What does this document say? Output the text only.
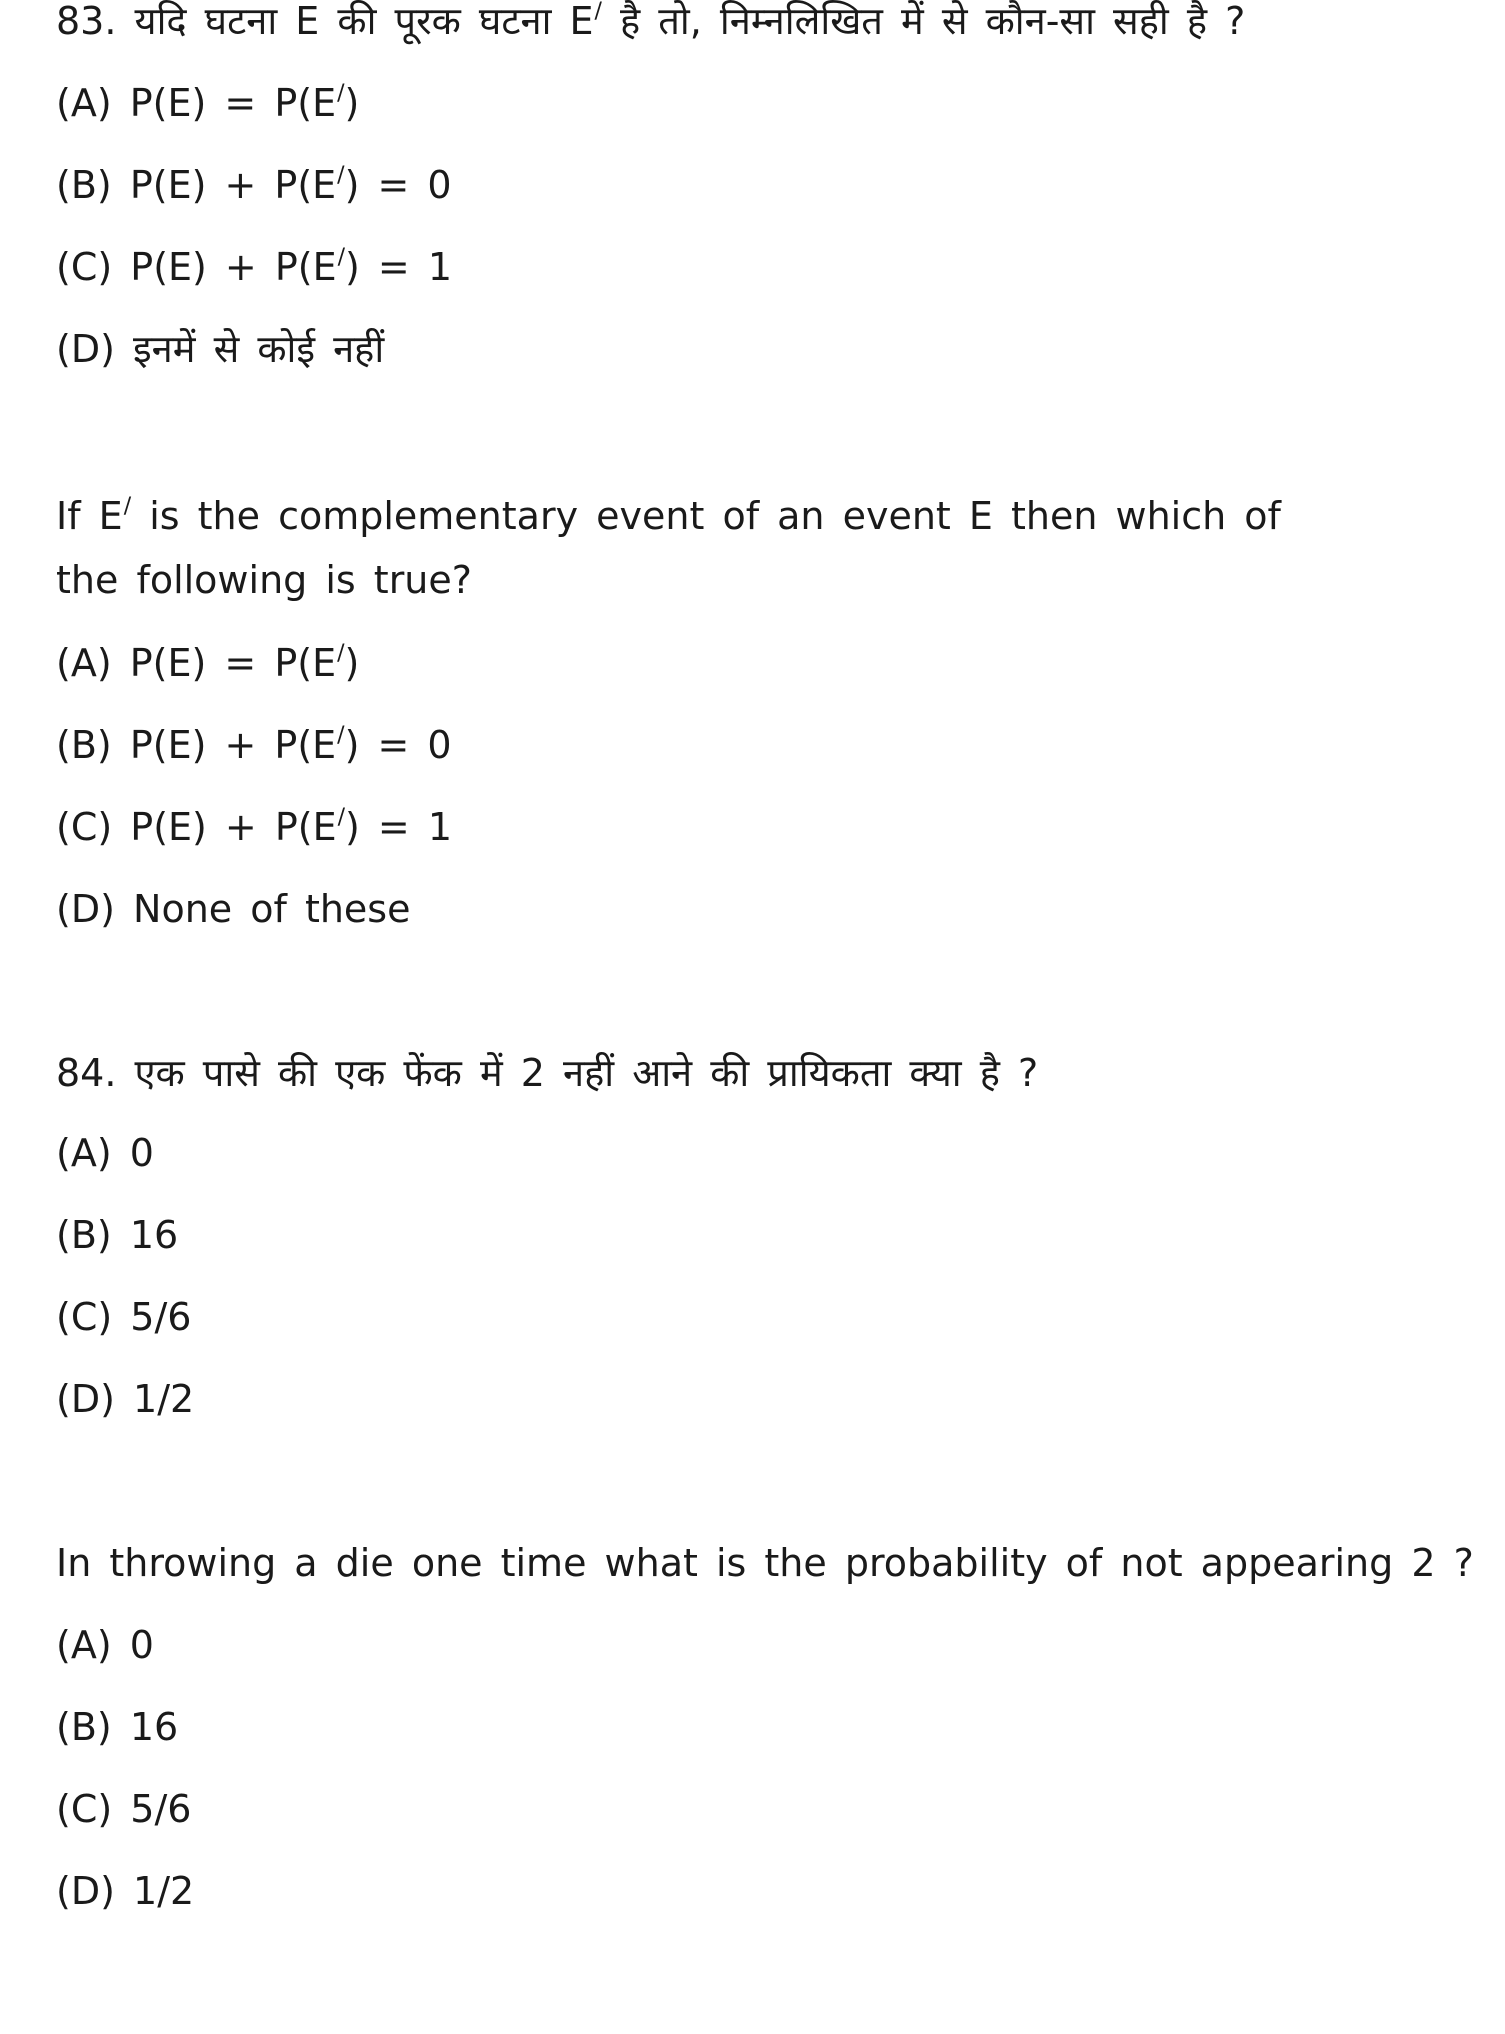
83. यदि घटना E की पूरक घटना E/ है तो, निम्नलिखित में से कौन-सा सही है ?
(A) P(E) = P(E/)
(B) P(E) + P(E/) = 0
(C) P(E) + P(E/) = 1
(D) इनमें से कोई नहीं
If E/ is the complementary event of an event E then which of the following is true?
(A) P(E) = P(E/)
(B) P(E) + P(E/) = 0
(C) P(E) + P(E/) = 1
(D) None of these
84. एक पासे की एक फेंक में 2 नहीं आने की प्रायिकता क्या है ?
(A) 0
(B) 16
(C) 5/6
(D) 1/2
In throwing a die one time what is the probability of not appearing 2 ?
(A) 0
(B) 16
(C) 5/6
(D) 1/2
